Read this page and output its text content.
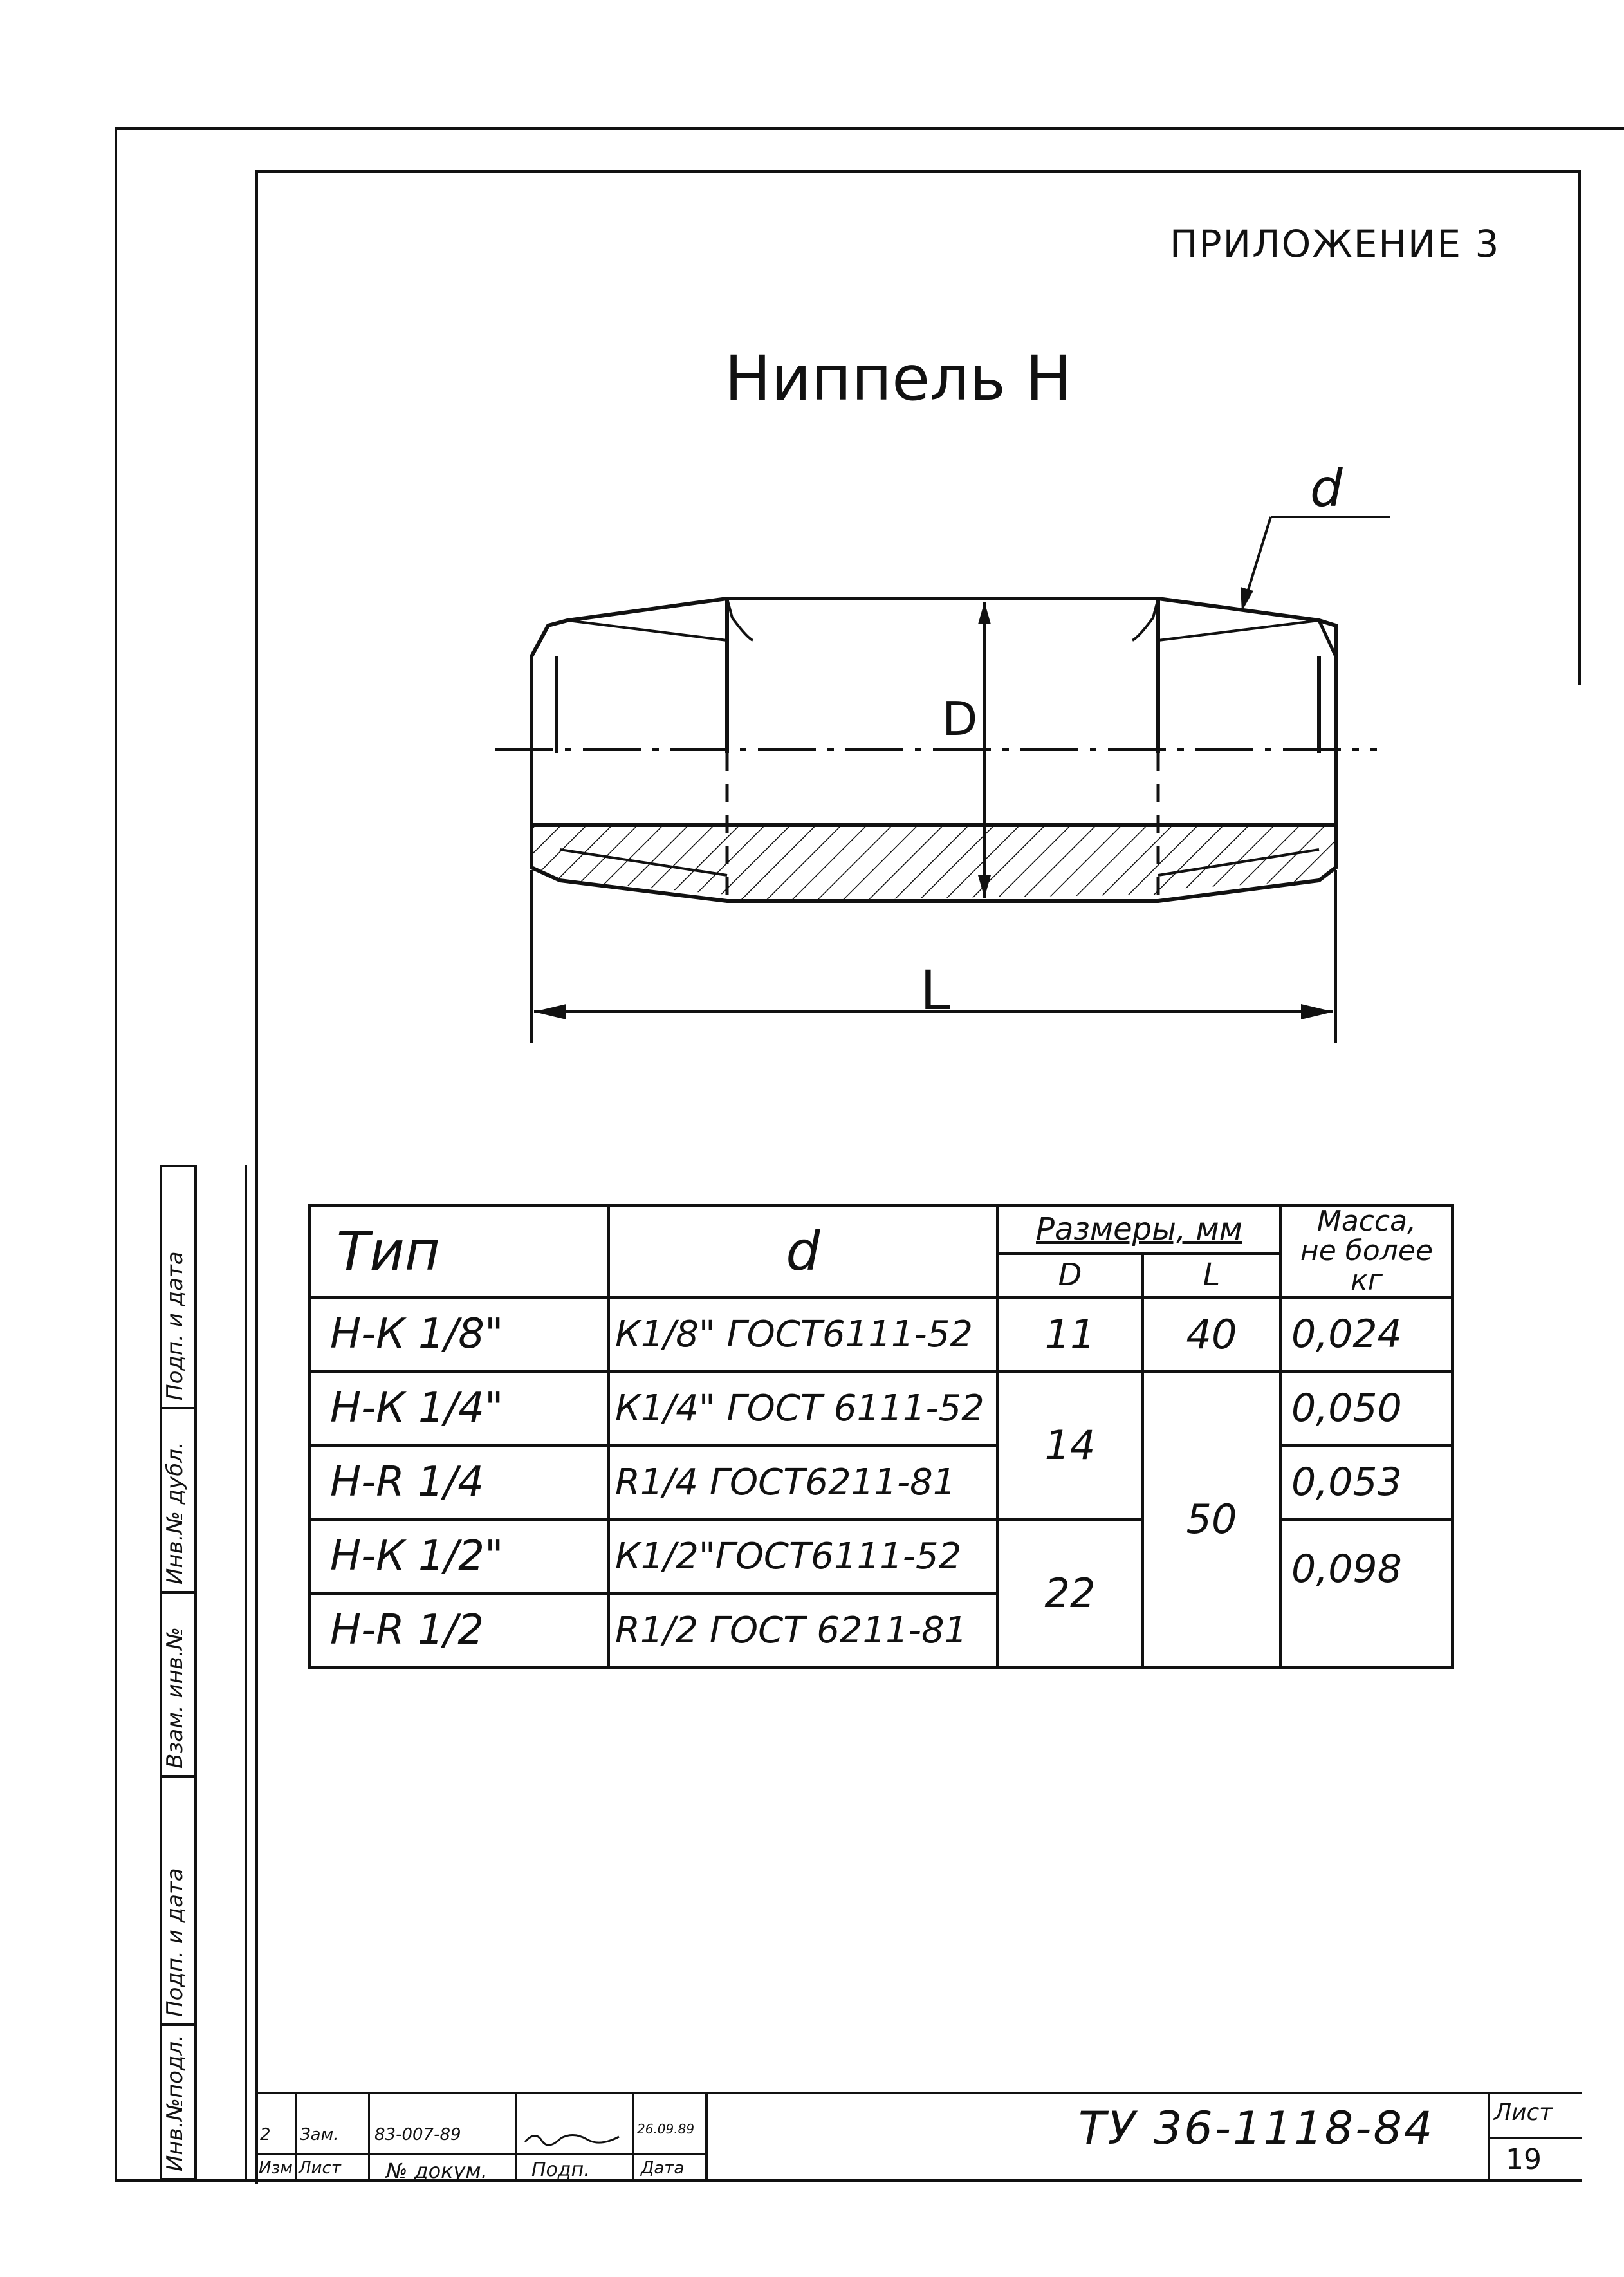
ПРИЛОЖЕНИЕ 3
Ниппель Н
d
D
L
Тип	d	Размеры, мм		Масса,
не более
кг

		D	L	
Н-К 1/8"	К1/8" ГОСТ6111-52	11	40	0,024
Н-К 1/4"	К1/4" ГОСТ 6111-52	14	50	0,050
Н-R 1/4	R1/4 ГОСТ6211-81			0,053
Н-К 1/2"	К1/2"ГОСТ6111-52	22		0,098
Н-R 1/2	R1/2 ГОСТ 6211-81			
Подп. и дата
Инв.№ дубл.
Взам. инв.№
Подп. и дата
Инв.№подл.	2 Зам. 83-007-89	26.09.89
Изм Лист № докум. Подп.	Дата
ТУ 36-1118-84	Лист
19
